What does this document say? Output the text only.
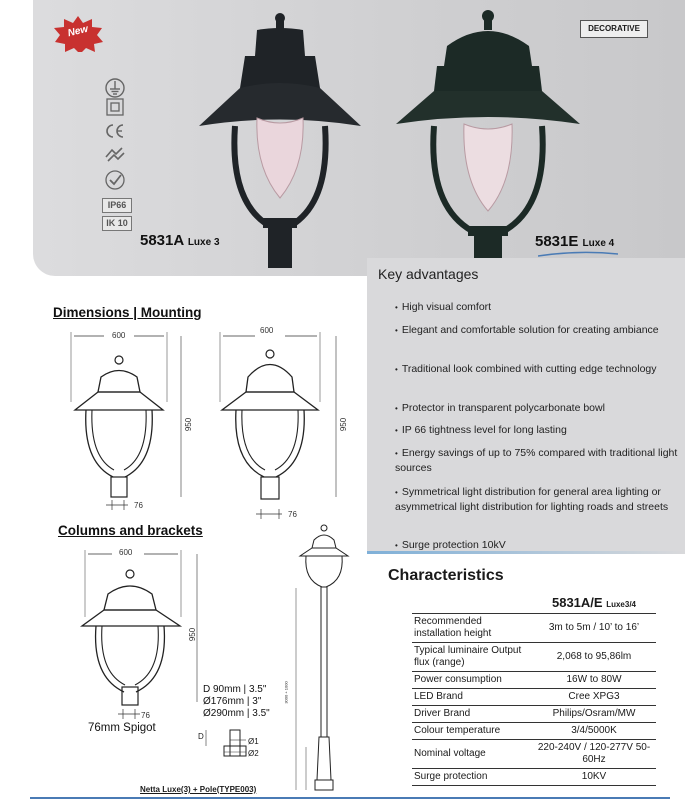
New
IP66
IK 10
5831A Luxe 3	5831E Luxe 4
DECORATIVE
Key advantages
• High visual comfort
• Elegant and comfortable solution for creating ambiance
• Traditional look combined with cutting edge technology
• Protector in transparent polycarbonate bowl
• IP 66 tightness level for long lasting
• Energy savings of up to 75% compared with traditional light sources
• Symmetrical light distribution for general area lighting or asymmetrical light distribution for lighting roads and streets
• Surge protection 10kV
Dimensions | Mounting
600
600
950	950
76
76
Columns and brackets
600
950
76
76mm Spigot
D 90mm | 3.5"
Ø176mm | 3"
Ø290mm | 3.5"
D
Ø1
Ø2
3000 + 1000
Netta Luxe(3) + Pole(TYPE003)
Characteristics
	5831A/E Luxe3/4
Recommended installation height	3m to 5m / 10’ to 16’
Typical luminaire Output flux (range)	2,068 to 95,86lm
Power consumption	16W to 80W
LED Brand	Cree XPG3
Driver Brand	Philips/Osram/MW
Colour temperature	3/4/5000K
Nominal voltage	220-240V / 120-277V 50-60Hz
Surge protection	10KV
